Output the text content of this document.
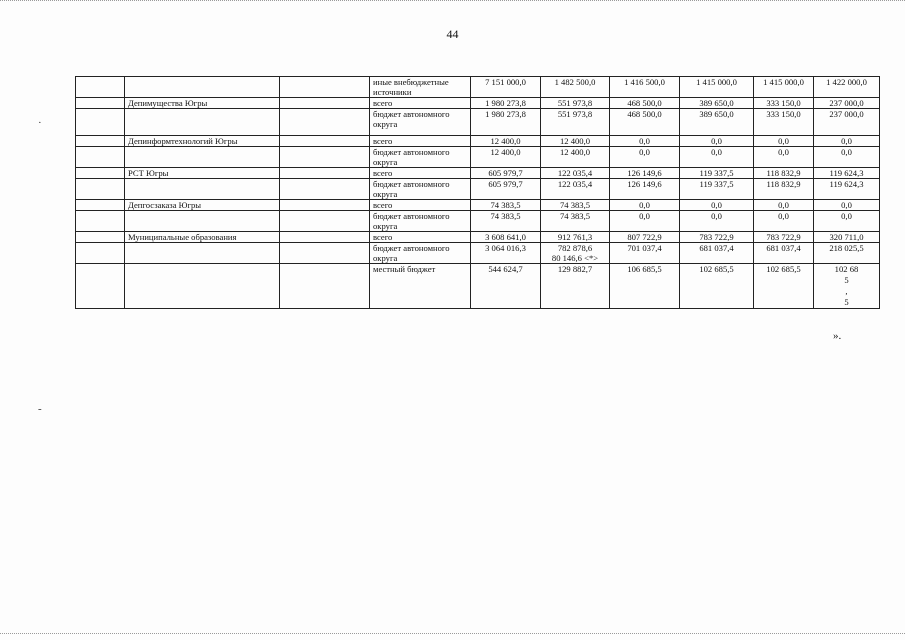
44
			иные внебюджетные источники	7 151 000,0	1 482 500,0	1 416 500,0	1 415 000,0	1 415 000,0	1 422 000,0

	Депимущества Югры		всего	1 980 273,8	551 973,8	468 500,0	389 650,0	333 150,0	237 000,0

			бюджет автономного округа	1 980 273,8	551 973,8	468 500,0	389 650,0	333 150,0	237 000,0

	Депинформтехнологий Югры		всего	12 400,0	12 400,0	0,0	0,0	0,0	0,0

			бюджет автономного округа	12 400,0	12 400,0	0,0	0,0	0,0	0,0

	РСТ Югры		всего	605 979,7	122 035,4	126 149,6	119 337,5	118 832,9	119 624,3

			бюджет автономного округа	605 979,7	122 035,4	126 149,6	119 337,5	118 832,9	119 624,3

	Депгосзаказа Югры		всего	74 383,5	74 383,5	0,0	0,0	0,0	0,0

			бюджет автономного округа	74 383,5	74 383,5	0,0	0,0	0,0	0,0

	Муниципальные образования		всего	3 608 641,0	912 761,3	807 722,9	783 722,9	783 722,9	320 711,0

			бюджет автономного округа	3 064 016,3	782 878,6
80 146,6 <*>	701 037,4	681 037,4	681 037,4	218 025,5

			местный бюджет	544 624,7	129 882,7	106 685,5	102 685,5	102 685,5	102 68
5
,
5
».
·
-
